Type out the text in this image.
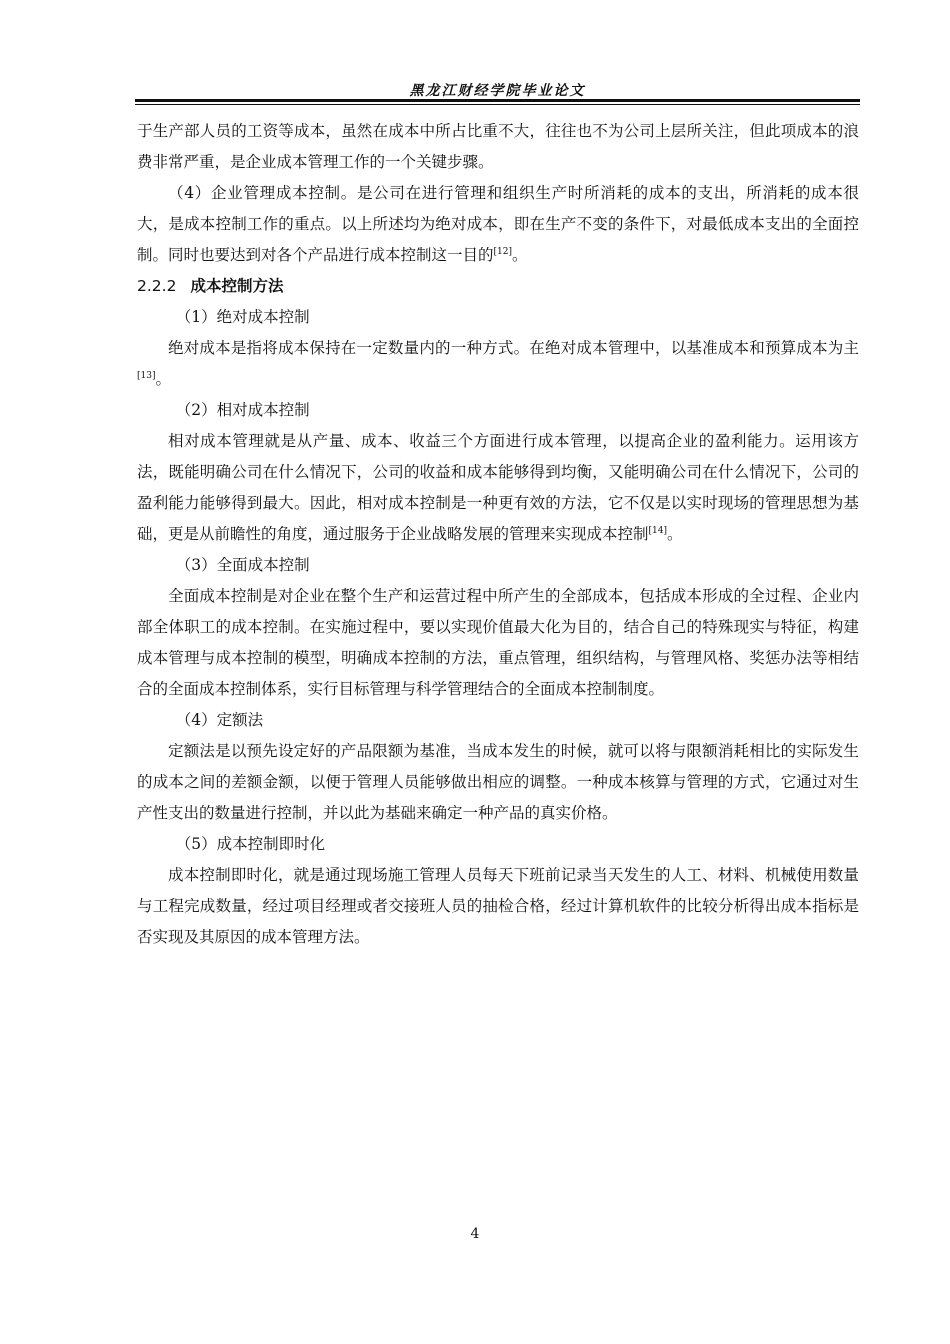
黑龙江财经学院毕业论文

于生产部人员的工资等成本，虽然在成本中所占比重不大，往往也不为公司上层所关注，但此项成本的浪费非常严重，是企业成本管理工作的一个关键步骤。

（4）企业管理成本控制。是公司在进行管理和组织生产时所消耗的成本的支出，所消耗的成本很大，是成本控制工作的重点。以上所述均为绝对成本，即在生产不变的条件下，对最低成本支出的全面控制。同时也要达到对各个产品进行成本控制这一目的[12]。

2.2.2 成本控制方法

（1）绝对成本控制

绝对成本是指将成本保持在一定数量内的一种方式。在绝对成本管理中，以基准成本和预算成本为主[13]。

（2）相对成本控制

相对成本管理就是从产量、成本、收益三个方面进行成本管理，以提高企业的盈利能力。运用该方法，既能明确公司在什么情况下，公司的收益和成本能够得到均衡，又能明确公司在什么情况下，公司的盈利能力能够得到最大。因此，相对成本控制是一种更有效的方法，它不仅是以实时现场的管理思想为基础，更是从前瞻性的角度，通过服务于企业战略发展的管理来实现成本控制[14]。

（3）全面成本控制

全面成本控制是对企业在整个生产和运营过程中所产生的全部成本，包括成本形成的全过程、企业内部全体职工的成本控制。在实施过程中，要以实现价值最大化为目的，结合自己的特殊现实与特征，构建成本管理与成本控制的模型，明确成本控制的方法，重点管理，组织结构，与管理风格、奖惩办法等相结合的全面成本控制体系，实行目标管理与科学管理结合的全面成本控制制度。

（4）定额法

定额法是以预先设定好的产品限额为基准，当成本发生的时候，就可以将与限额消耗相比的实际发生的成本之间的差额金额，以便于管理人员能够做出相应的调整。一种成本核算与管理的方式，它通过对生产性支出的数量进行控制，并以此为基础来确定一种产品的真实价格。

（5）成本控制即时化

成本控制即时化，就是通过现场施工管理人员每天下班前记录当天发生的人工、材料、机械使用数量与工程完成数量，经过项目经理或者交接班人员的抽检合格，经过计算机软件的比较分析得出成本指标是否实现及其原因的成本管理方法。

4
